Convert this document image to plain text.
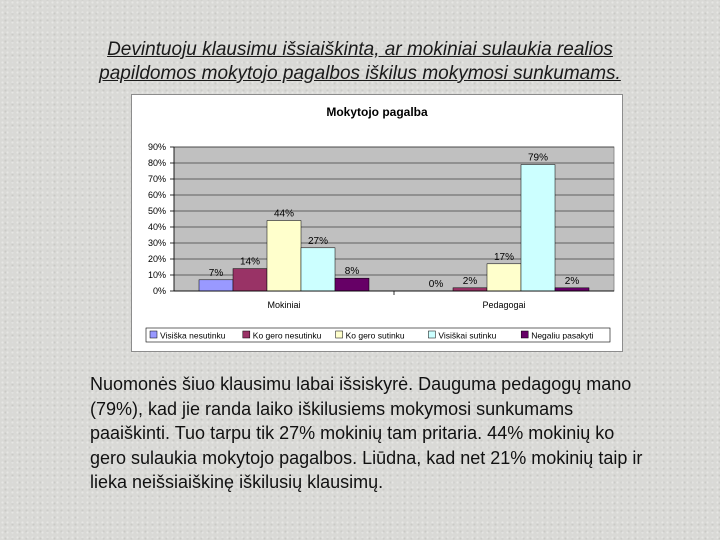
Devintuoju klausimu išsiaiškinta, ar mokiniai sulaukia realios
papildomos mokytojo pagalbos iškilus mokymosi sunkumams.
Mokytojo pagalba
0%
10%
20%
30%
40%
50%
60%
70%
80%
90%
7%
14%
44%
27%
8%
Mokiniai
0% 2%
17%
79%
2%
Pedagogai
Visiška nesutinku	Ko gero nesutinku	Ko gero sutinku	Visiškai sutinku	Negaliu pasakyti

Nuomonės šiuo klausimu labai išsiskyrė. Dauguma pedagogų mano (79%), kad jie randa laiko iškilusiems mokymosi sunkumams paaiškinti. Tuo tarpu tik 27% mokinių tam pritaria. 44% mokinių ko gero sulaukia mokytojo pagalbos. Liūdna, kad net 21% mokinių taip ir lieka neišsiaiškinę iškilusių klausimų.
